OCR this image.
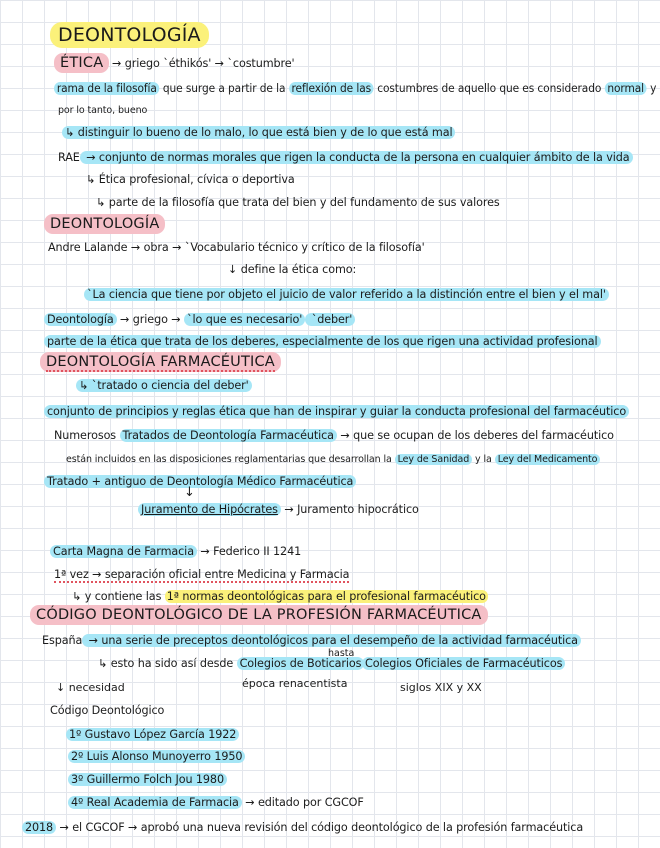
DEONTOLOGÍA
ÉTICA → griego `éthikós' → `costumbre'
rama de la filosofía que surge a partir de la reflexión de las costumbres de aquello que es considerado normal y
por lo tanto, bueno
↳ distinguir lo bueno de lo malo, lo que está bien y de lo que está mal
RAE → conjunto de normas morales que rigen la conducta de la persona en cualquier ámbito de la vida
↳ Ética profesional, cívica o deportiva
↳ parte de la filosofía que trata del bien y del fundamento de sus valores
DEONTOLOGÍA
Andre Lalande → obra → `Vocabulario técnico y crítico de la filosofía'
↓ define la ética como:
`La ciencia que tiene por objeto el juicio de valor referido a la distinción entre el bien y el mal'
Deontología → griego → `lo que es necesario' `deber'
parte de la ética que trata de los deberes, especialmente de los que rigen una actividad profesional
DEONTOLOGÍA FARMACÉUTICA
↳ `tratado o ciencia del deber'
conjunto de principios y reglas ética que han de inspirar y guiar la conducta profesional del farmacéutico
Numerosos Tratados de Deontología Farmacéutica → que se ocupan de los deberes del farmacéutico
están incluidos en las disposiciones reglamentarias que desarrollan la Ley de Sanidad y la Ley del Medicamento
Tratado + antiguo de Deontología Médico Farmacéutica
↓
Juramento de Hipócrates → Juramento hipocrático
Carta Magna de Farmacia → Federico II 1241
1ª vez → separación oficial entre Medicina y Farmacia
↳ y contiene las 1ª normas deontológicas para el profesional farmacéutico
CÓDIGO DEONTOLÓGICO DE LA PROFESIÓN FARMACÉUTICA
España → una serie de preceptos deontológicos para el desempeño de la actividad farmacéutica
↳ esto ha sido así desde Colegios de Boticarios
hasta
Colegios Oficiales de Farmacéuticos
época renacentista	siglos XIX y XX
↓ necesidad
Código Deontológico
1º Gustavo López García 1922
2º Luis Alonso Munoyerro 1950
3º Guillermo Folch Jou 1980
4º Real Academia de Farmacia → editado por CGCOF
2018 → el CGCOF → aprobó una nueva revisión del código deontológico de la profesión farmacéutica
